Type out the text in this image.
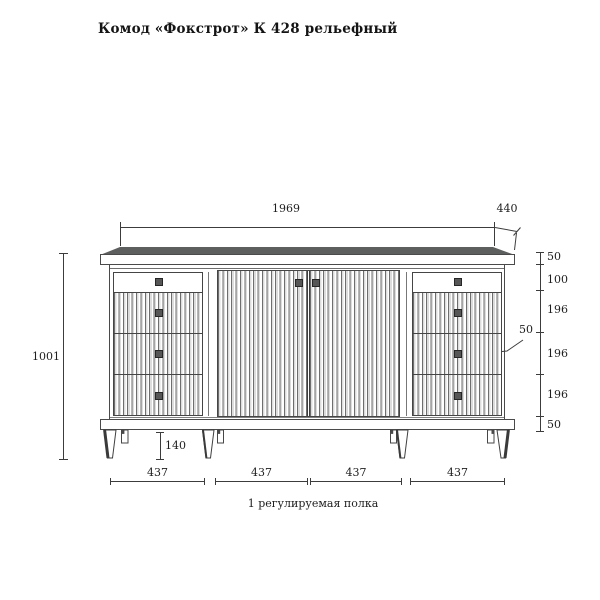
Комод «Фокстрот» К 428 рельефный
1969	440
1001
50
100
196
196
196
50
50
140
437	437	437	437
1 регулируемая полка
